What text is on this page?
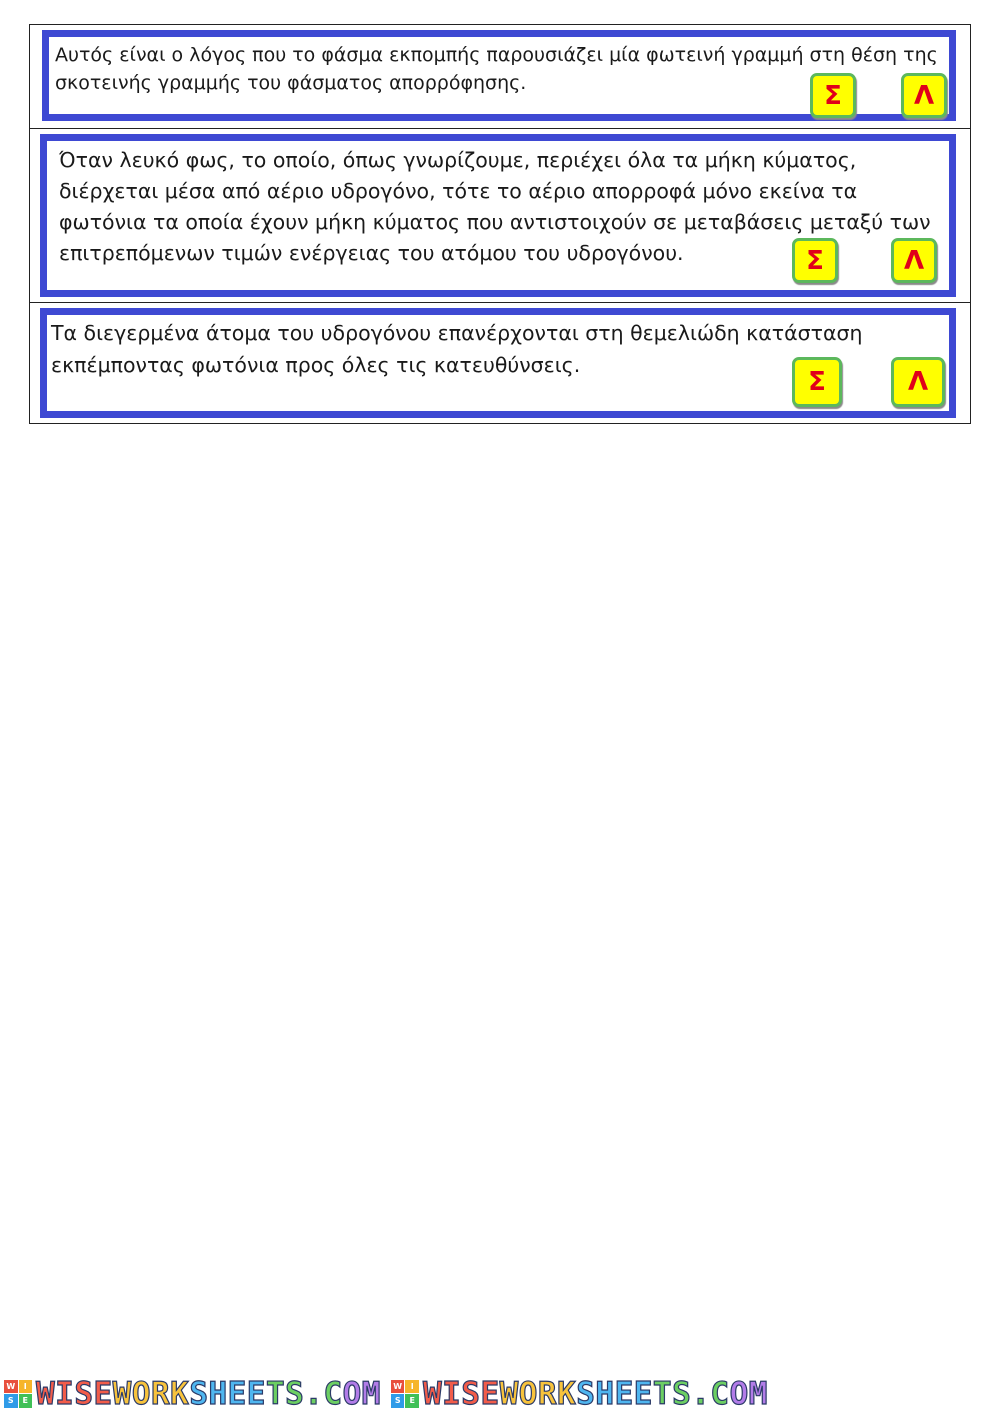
Αυτός είναι ο λόγος που το φάσμα εκπομπής παρουσιάζει μία φωτεινή γραμμή στη θέση της
σκοτεινής γραμμής του φάσματος απορρόφησης.	Σ	Λ

Όταν λευκό φως, το οποίο, όπως γνωρίζουμε, περιέχει όλα τα μήκη κύματος,
διέρχεται μέσα από αέριο υδρογόνο, τότε το αέριο απορροφά μόνο εκείνα τα
φωτόνια τα οποία έχουν μήκη κύματος που αντιστοιχούν σε μεταβάσεις μεταξύ των
επιτρεπόμενων τιμών ενέργειας του ατόμου του υδρογόνου.	Σ	Λ

Τα διεγερμένα άτομα του υδρογόνου επανέρχονται στη θεμελιώδη κατάσταση
εκπέμποντας φωτόνια προς όλες τις κατευθύνσεις.

Σ	Λ
W	I
S	E WISEWORKSHEETS.COM W	I
S	E WISEWORKSHEETS.COM
